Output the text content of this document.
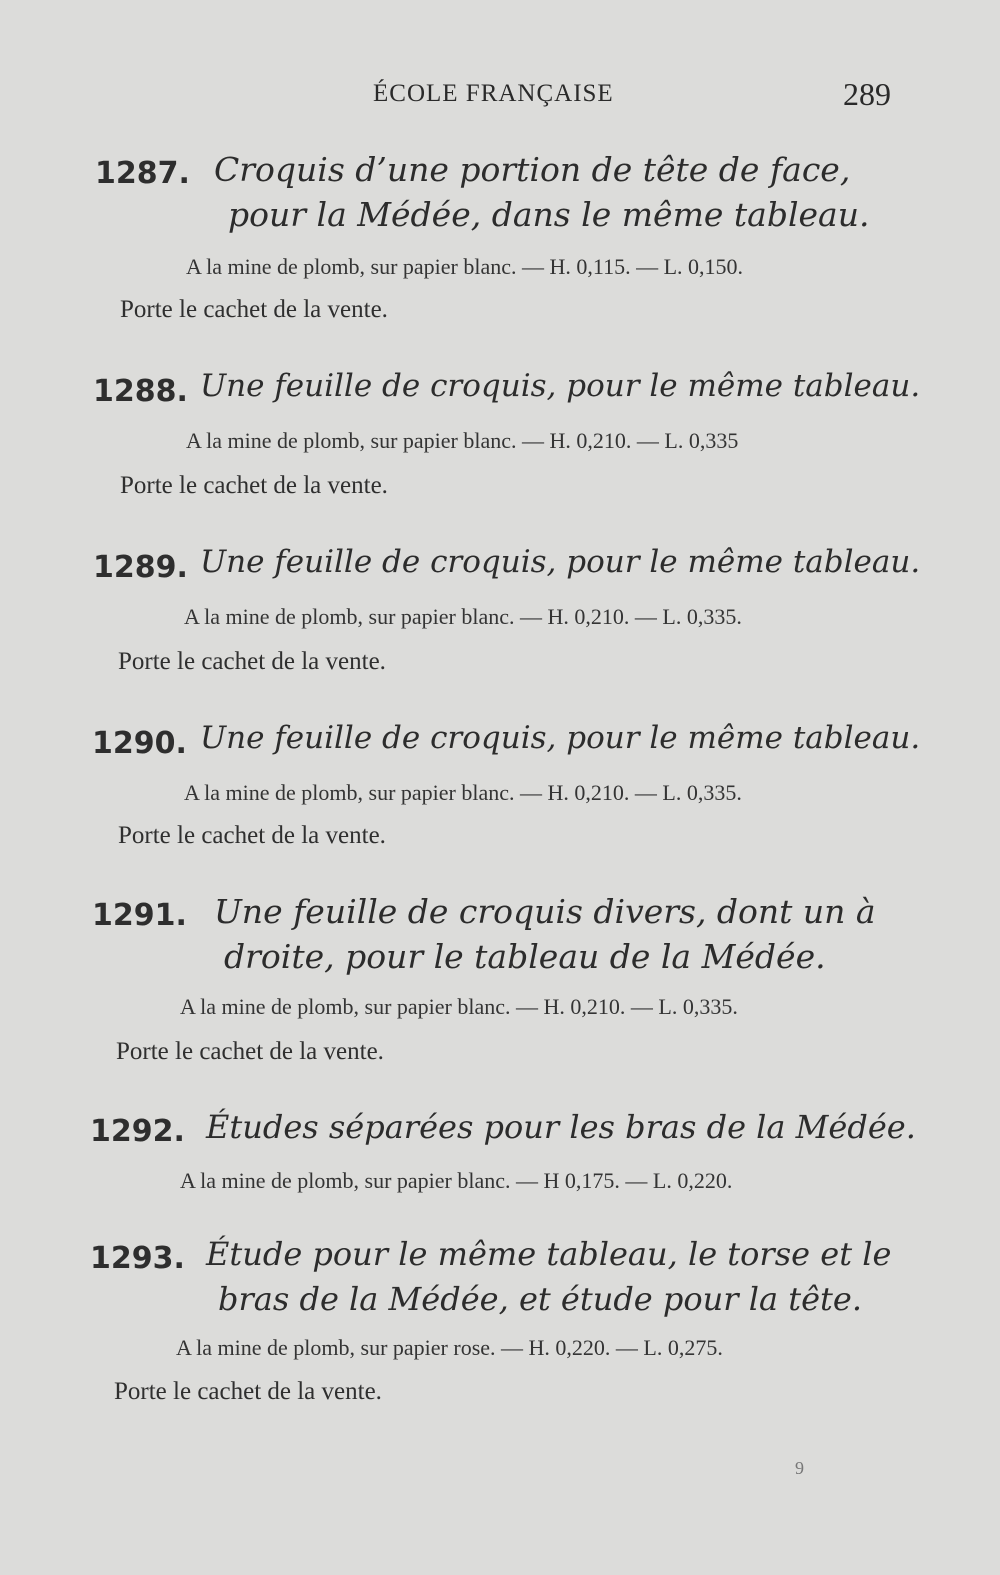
ÉCOLE FRANÇAISE	289
1287. Croquis d’une portion de tête de face,
pour la Médée, dans le même tableau.
A la mine de plomb, sur papier blanc. — H. 0,115. — L. 0,150.
Porte le cachet de la vente.
1288. Une feuille de croquis, pour le même tableau.
A la mine de plomb, sur papier blanc. — H. 0,210. — L. 0,335
Porte le cachet de la vente.
1289. Une feuille de croquis, pour le même tableau.
A la mine de plomb, sur papier blanc. — H. 0,210. — L. 0,335.
Porte le cachet de la vente.
1290. Une feuille de croquis, pour le même tableau.
A la mine de plomb, sur papier blanc. — H. 0,210. — L. 0,335.
Porte le cachet de la vente.
1291. Une feuille de croquis divers, dont un à
droite, pour le tableau de la Médée.
A la mine de plomb, sur papier blanc. — H. 0,210. — L. 0,335.
Porte le cachet de la vente.
1292. Études séparées pour les bras de la Médée.
A la mine de plomb, sur papier blanc. — H 0,175. — L. 0,220.
1293. Étude pour le même tableau, le torse et le
bras de la Médée, et étude pour la tête.
A la mine de plomb, sur papier rose. — H. 0,220. — L. 0,275.
Porte le cachet de la vente.
9
